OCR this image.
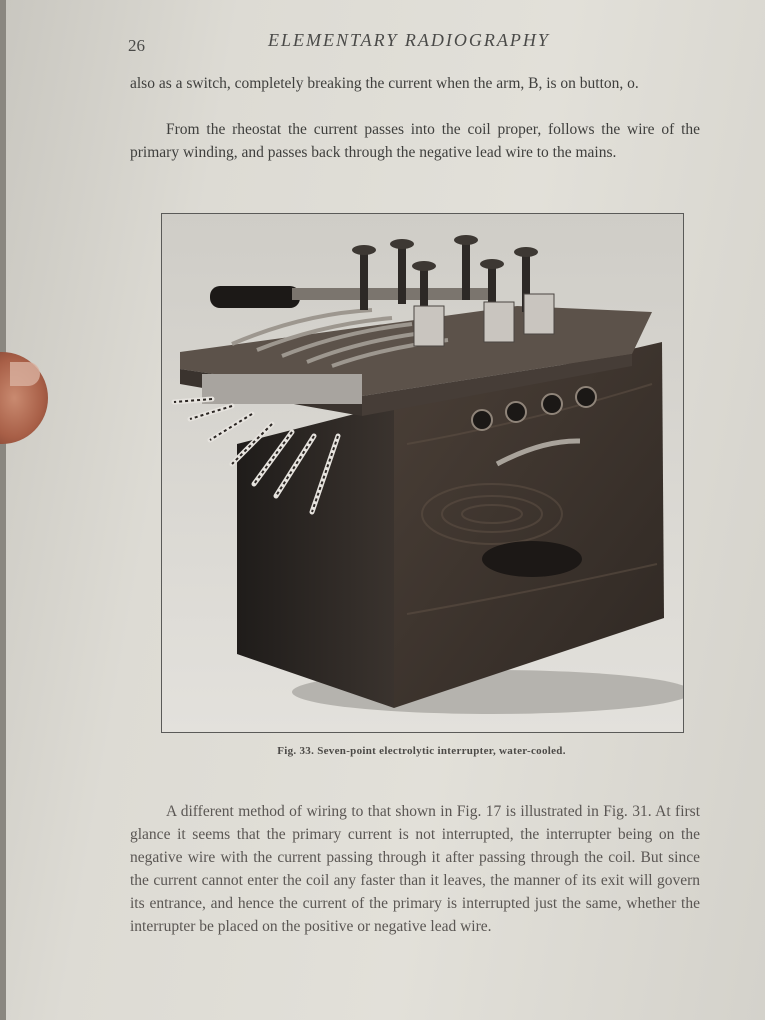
26	ELEMENTARY RADIOGRAPHY

also as a switch, completely breaking the current when the arm, B, is on button, o.

From the rheostat the current passes into the coil proper, follows the wire of the primary winding, and passes back through the negative lead wire to the mains.

Fig. 33. Seven-point electrolytic interrupter, water-cooled.

A different method of wiring to that shown in Fig. 17 is illustrated in Fig. 31. At first glance it seems that the primary current is not interrupted, the interrupter being on the negative wire with the current passing through it after passing through the coil. But since the current cannot enter the coil any faster than it leaves, the manner of its exit will govern its entrance, and hence the current of the primary is interrupted just the same, whether the interrupter be placed on the positive or negative lead wire.
